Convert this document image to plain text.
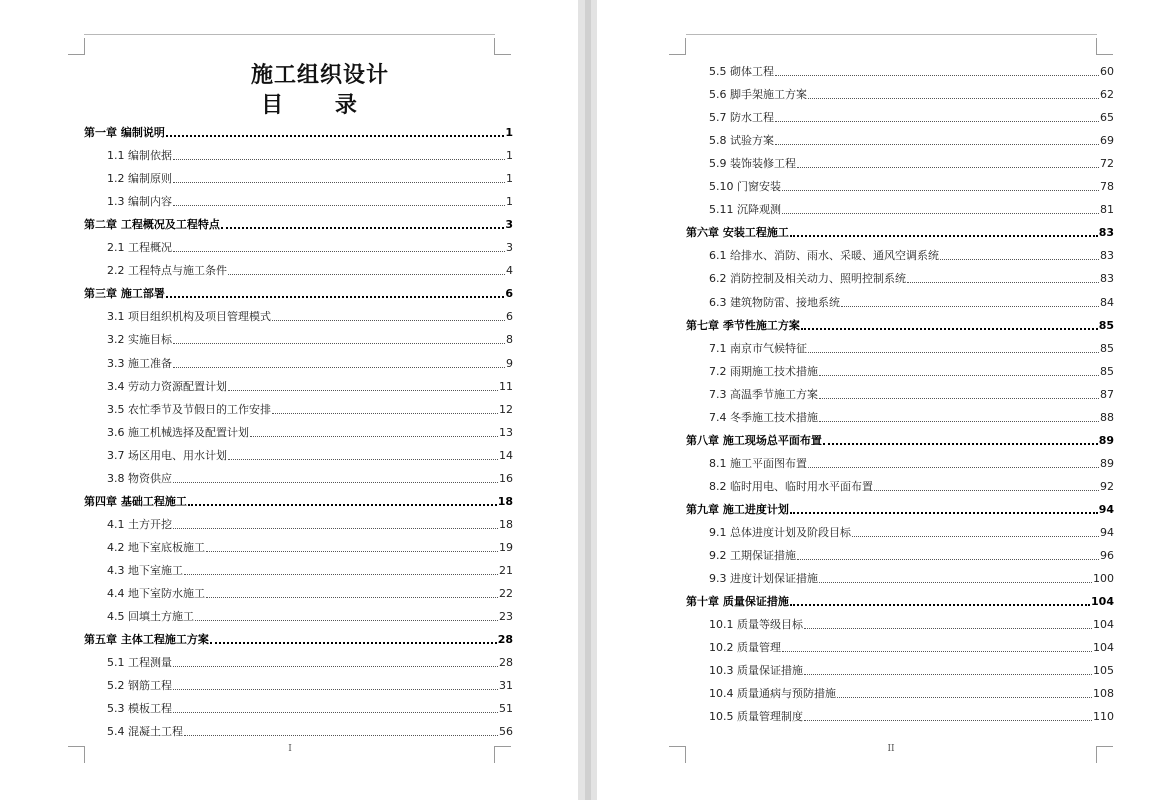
施工组织设计
目 录
第一章 编制说明	1
1.1 编制依据	1
1.2 编制原则	1
1.3 编制内容	1
第二章 工程概况及工程特点	3
2.1 工程概况	3
2.2 工程特点与施工条件	4
第三章 施工部署	6
3.1 项目组织机构及项目管理模式	6
3.2 实施目标	8
3.3 施工准备	9
3.4 劳动力资源配置计划	11
3.5 农忙季节及节假日的工作安排	12
3.6 施工机械选择及配置计划	13
3.7 场区用电、用水计划	14
3.8 物资供应	16
第四章 基础工程施工	18
4.1 土方开挖	18
4.2 地下室底板施工	19
4.3 地下室施工	21
4.4 地下室防水施工	22
4.5 回填土方施工	23
第五章 主体工程施工方案	28
5.1 工程测量	28
5.2 钢筋工程	31
5.3 模板工程	51
5.4 混凝土工程	56
I	II
5.5 砌体工程	60
5.6 脚手架施工方案	62
5.7 防水工程	65
5.8 试验方案	69
5.9 装饰装修工程	72
5.10 门窗安装	78
5.11 沉降观测	81
第六章 安装工程施工	83
6.1 给排水、消防、雨水、采暖、通风空调系统	83
6.2 消防控制及相关动力、照明控制系统	83
6.3 建筑物防雷、接地系统	84
第七章 季节性施工方案	85
7.1 南京市气候特征	85
7.2 雨期施工技术措施	85
7.3 高温季节施工方案	87
7.4 冬季施工技术措施	88
第八章 施工现场总平面布置	89
8.1 施工平面图布置	89
8.2 临时用电、临时用水平面布置	92
第九章 施工进度计划	94
9.1 总体进度计划及阶段目标	94
9.2 工期保证措施	96
9.3 进度计划保证措施	100
第十章 质量保证措施	104
10.1 质量等级目标	104
10.2 质量管理	104
10.3 质量保证措施	105
10.4 质量通病与预防措施	108
10.5 质量管理制度	110
